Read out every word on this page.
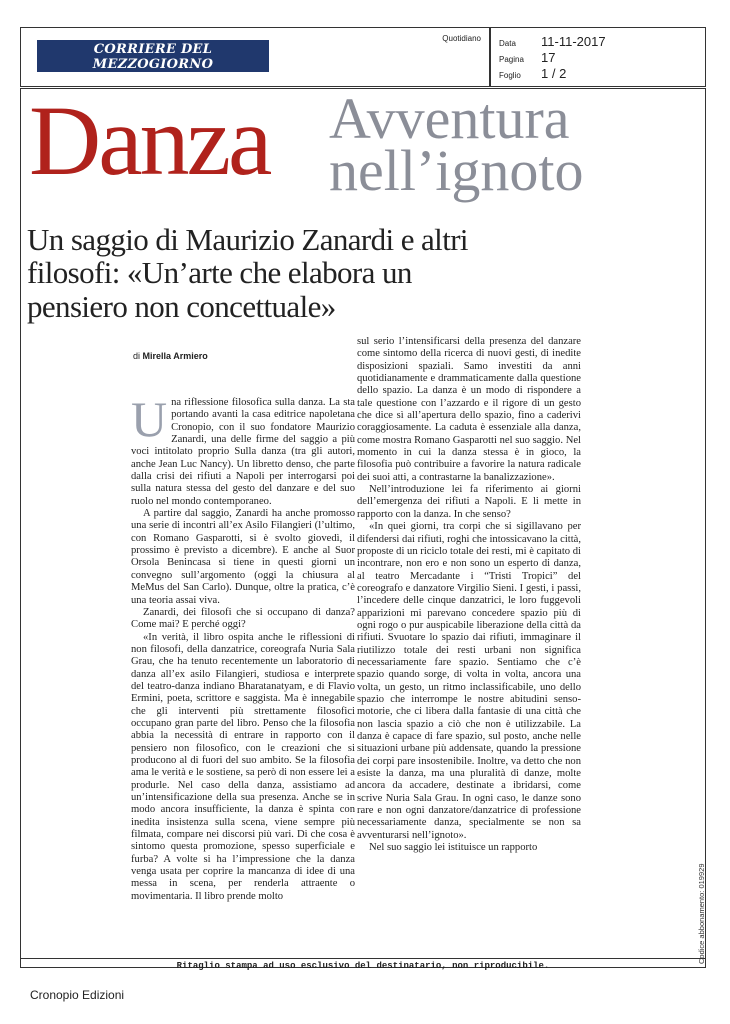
CORRIERE DEL MEZZOGIORNO
CAMPANIA
Quotidiano
Data 11-11-2017
Pagina 17
Foglio 1 / 2
Danza Avventura
nell’ignoto
Un saggio di Maurizio Zanardi e altri filosofi: «Un’arte che elabora un pensiero non concettuale»
di Mirella Armiero

Una riflessione filosofica sulla danza. La sta portando avanti la casa editrice napoletana Cronopio, con il suo fondatore Maurizio Zanardi, una delle firme del saggio a più voci intitolato proprio Sulla danza (tra gli autori, anche Jean Luc Nancy). Un libretto denso, che parte dalla crisi dei rifiuti a Napoli per interrogarsi poi sulla natura stessa del gesto del danzare e del suo ruolo nel mondo contemporaneo.

A partire dal saggio, Zanardi ha anche promosso una serie di incontri all’ex Asilo Filangieri (l’ultimo, con Romano Gasparotti, si è svolto giovedì, il prossimo è previsto a dicembre). E anche al Suor Orsola Benincasa si tiene in questi giorni un convegno sull’argomento (oggi la chiusura al MeMus del San Carlo). Dunque, oltre la pratica, c’è una teoria assai viva.

Zanardi, dei filosofi che si occupano di danza? Come mai? E perché oggi?

«In verità, il libro ospita anche le riflessioni di non filosofi, della danzatrice, coreografa Nuria Sala Grau, che ha tenuto recentemente un laboratorio di danza all’ex asilo Filangieri, studiosa e interprete del teatro-danza indiano Bharatanatyam, e di Flavio Ermini, poeta, scrittore e saggista. Ma è innegabile che gli interventi più strettamente filosofici occupano gran parte del libro. Penso che la filosofia abbia la necessità di entrare in rapporto con il pensiero non filosofico, con le creazioni che si producono al di fuori del suo ambito. Se la filosofia ama le verità e le sostiene, sa però di non essere lei a produrle. Nel caso della danza, assistiamo ad un’intensificazione della sua presenza. Anche se in modo ancora insufficiente, la danza è spinta con inedita insistenza sulla scena, viene sempre più filmata, compare nei discorsi più vari. Di che cosa è sintomo questa promozione, spesso superficiale e furba? A volte si ha l’impressione che la danza venga usata per coprire la mancanza di idee di una messa in scena, per renderla attraente o movimentaria. Il libro prende molto

sul serio l’intensificarsi della presenza del danzare come sintomo della ricerca di nuovi gesti, di inedite disposizioni spaziali. Samo investiti da anni quotidianamente e drammaticamente dalla questione dello spazio. La danza è un modo di rispondere a tale questione con l’azzardo e il rigore di un gesto che dice sì all’apertura dello spazio, fino a caderivi coraggiosamente. La caduta è essenziale alla danza, come mostra Romano Gasparotti nel suo saggio. Nel momento in cui la danza stessa è in gioco, la filosofia può contribuire a favorire la natura radicale dei suoi atti, a contrastarne la banalizzazione».

Nell’introduzione lei fa riferimento ai giorni dell’emergenza dei rifiuti a Napoli. E li mette in rapporto con la danza. In che senso?

«In quei giorni, tra corpi che si sigillavano per difendersi dai rifiuti, roghi che intossicavano la città, proposte di un riciclo totale dei resti, mi è capitato di incontrare, non ero e non sono un esperto di danza, al teatro Mercadante i “Tristi Tropici” del coreografo e danzatore Virgilio Sieni. I gesti, i passi, l’incedere delle cinque danzatrici, le loro fuggevoli apparizioni mi parevano concedere spazio più di ogni rogo o pur auspicabile liberazione della città da rifiuti. Svuotare lo spazio dai rifiuti, immaginare il riutilizzo totale dei resti urbani non significa necessariamente fare spazio. Sentiamo che c’è spazio quando sorge, di volta in volta, ancora una volta, un gesto, un ritmo inclassificabile, uno dello spazio che interrompe le nostre abitudini senso-motorie, che ci libera dalla fantasie di una città che non lascia spazio a ciò che non è utilizzabile. La danza è capace di fare spazio, sul posto, anche nelle situazioni urbane più addensate, quando la pressione dei corpi pare insostenibile. Inoltre, va detto che non esiste la danza, ma una pluralità di danze, molte ancora da accadere, destinate a ibridarsi, come scrive Nuria Sala Grau. In ogni caso, le danze sono rare e non ogni danzatore/danzatrice di professione necessariamente danza, specialmente se non sa avventurarsi nell’ignoto».

Nel suo saggio lei istituisce un rapporto

Ritaglio stampa ad uso esclusivo del destinatario, non riproducibile.
Cronopio Edizioni
Codice abbonamento: 019929
